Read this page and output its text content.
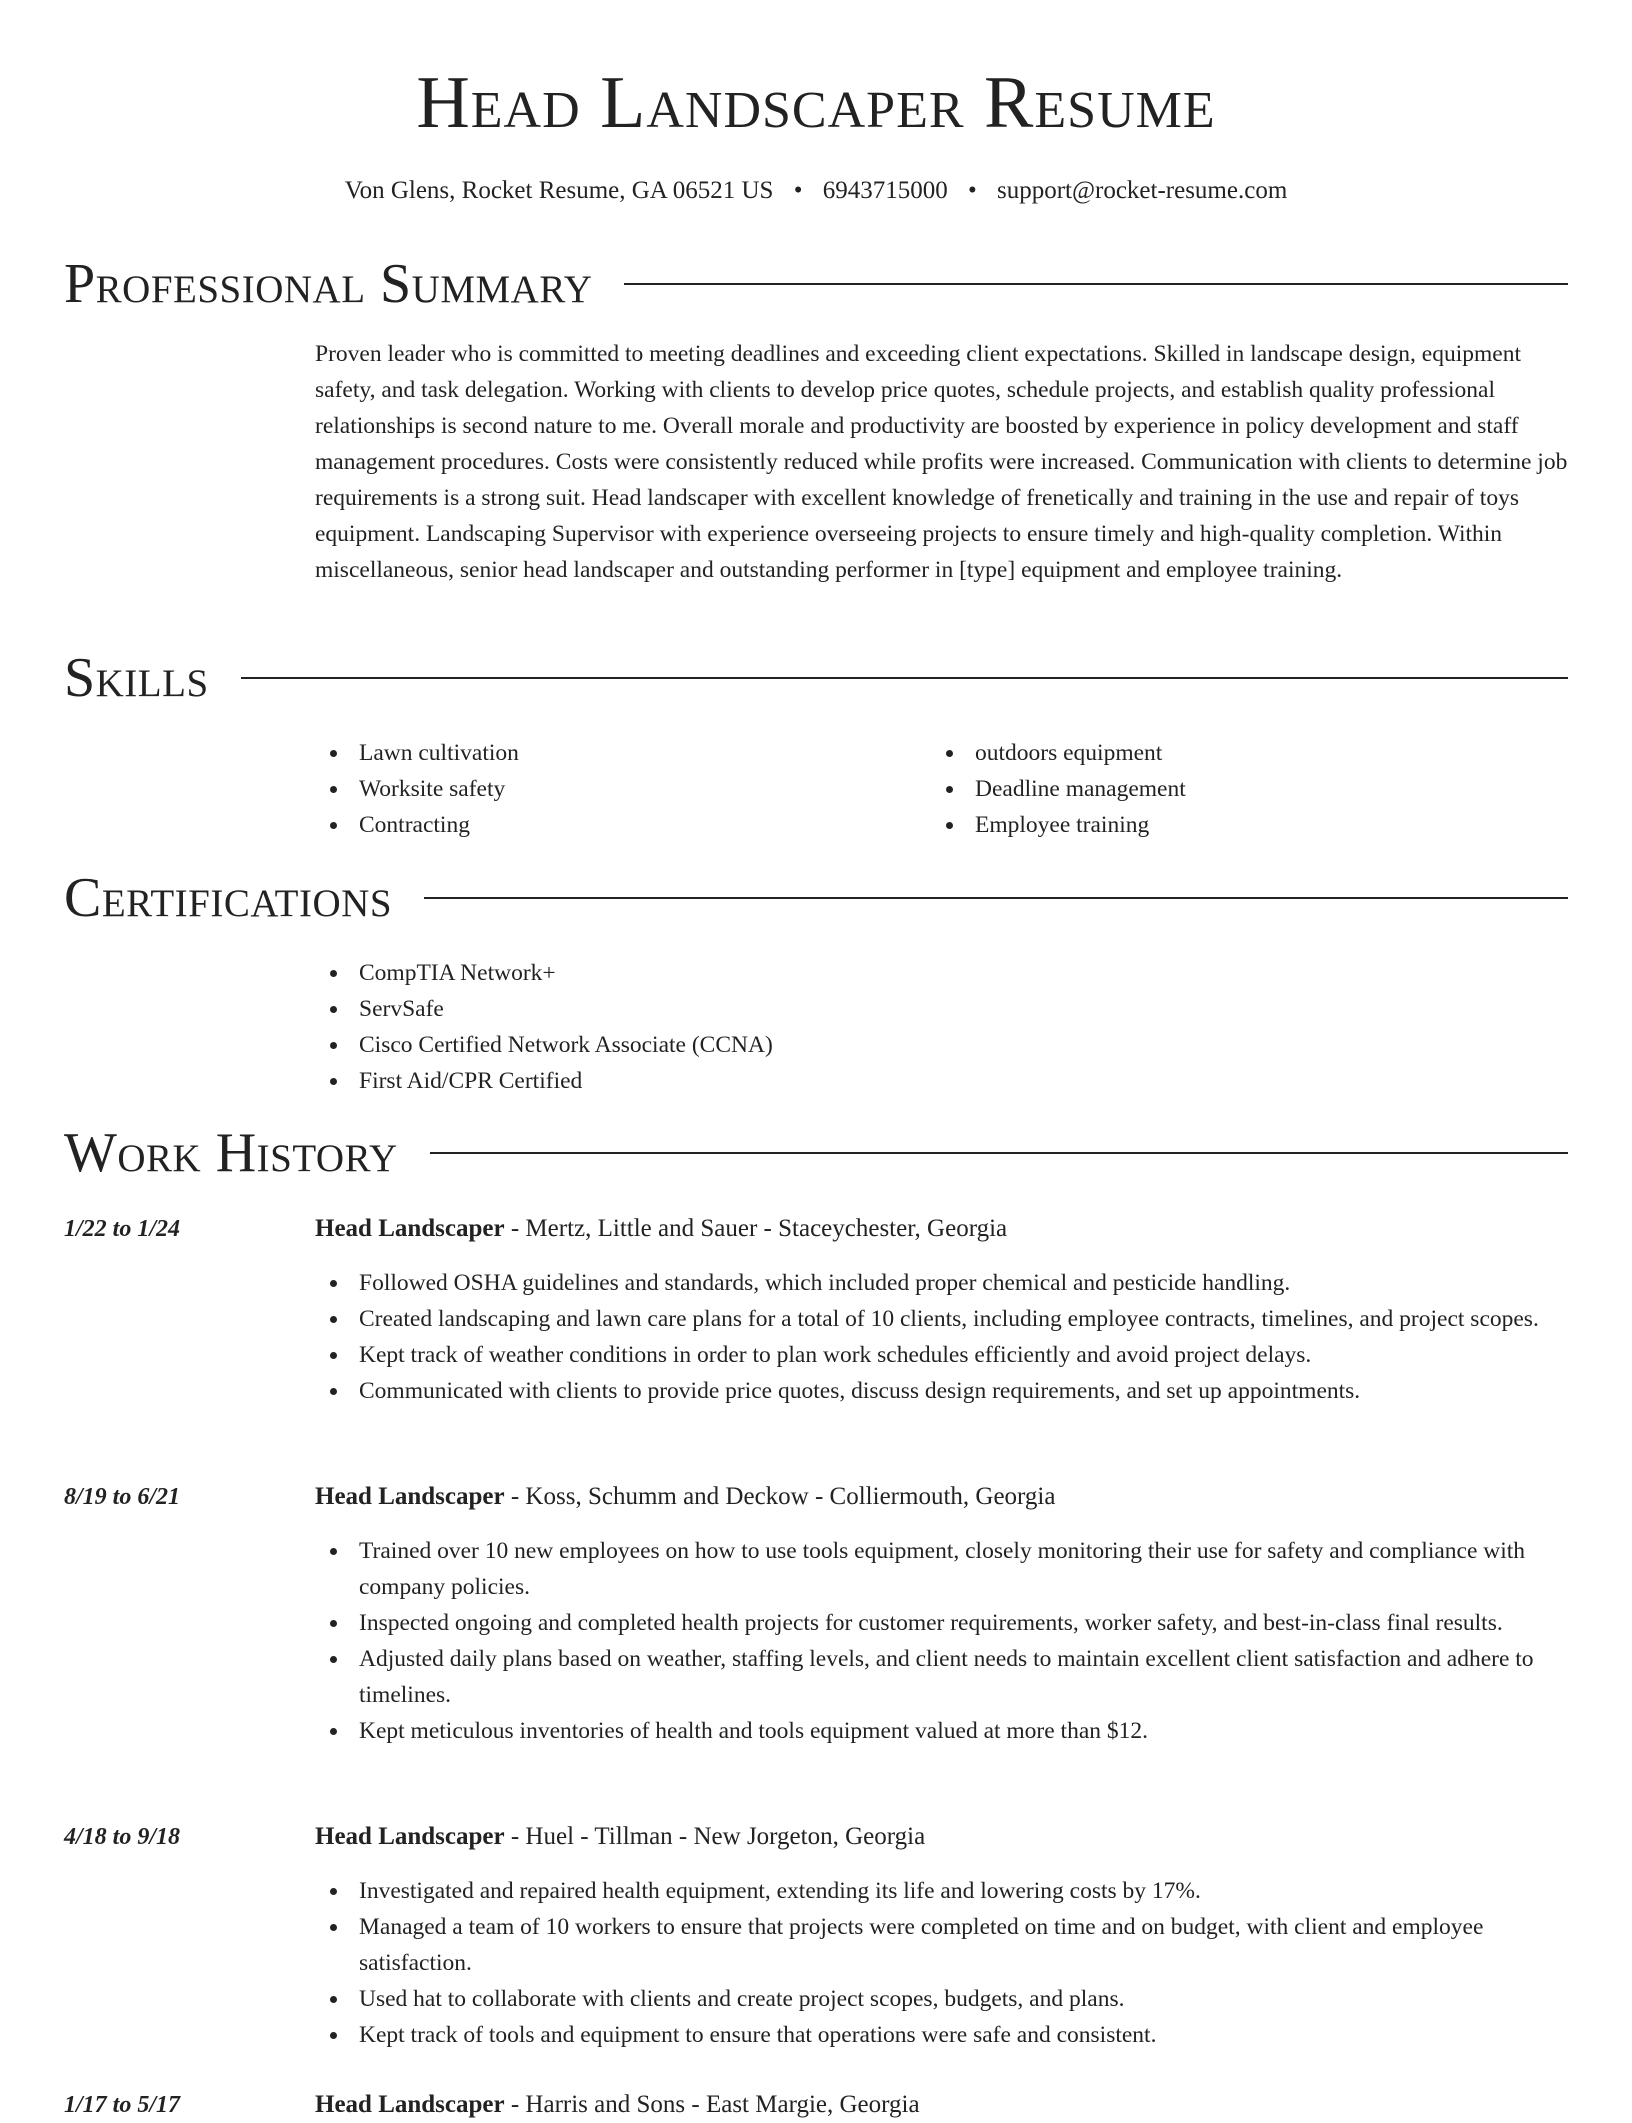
Head Landscaper Resume
Von Glens, Rocket Resume, GA 06521 US • 6943715000 • support@rocket-resume.com
Professional Summary

Proven leader who is committed to meeting deadlines and exceeding client expectations. Skilled in landscape design, equipment safety, and task delegation. Working with clients to develop price quotes, schedule projects, and establish quality professional relationships is second nature to me. Overall morale and productivity are boosted by experience in policy development and staff management procedures. Costs were consistently reduced while profits were increased. Communication with clients to determine job requirements is a strong suit. Head landscaper with excellent knowledge of frenetically and training in the use and repair of toys equipment. Landscaping Supervisor with experience overseeing projects to ensure timely and high-quality completion. Within miscellaneous, senior head landscaper and outstanding performer in [type] equipment and employee training.

Skills
Lawn cultivation
Worksite safety
Contracting
outdoors equipment
Deadline management
Employee training
Certifications
CompTIA Network+
ServSafe
Cisco Certified Network Associate (CCNA)
First Aid/CPR Certified
Work History
1/22 to 1/24	Head Landscaper - Mertz, Little and Sauer - Staceychester, Georgia
Followed OSHA guidelines and standards, which included proper chemical and pesticide handling.
Created landscaping and lawn care plans for a total of 10 clients, including employee contracts, timelines, and project scopes.
Kept track of weather conditions in order to plan work schedules efficiently and avoid project delays.
Communicated with clients to provide price quotes, discuss design requirements, and set up appointments.
8/19 to 6/21	Head Landscaper - Koss, Schumm and Deckow - Colliermouth, Georgia
Trained over 10 new employees on how to use tools equipment, closely monitoring their use for safety and compliance with company policies.
Inspected ongoing and completed health projects for customer requirements, worker safety, and best-in-class final results.
Adjusted daily plans based on weather, staffing levels, and client needs to maintain excellent client satisfaction and adhere to timelines.
Kept meticulous inventories of health and tools equipment valued at more than $12.
4/18 to 9/18	Head Landscaper - Huel - Tillman - New Jorgeton, Georgia
Investigated and repaired health equipment, extending its life and lowering costs by 17%.
Managed a team of 10 workers to ensure that projects were completed on time and on budget, with client and employee satisfaction.
Used hat to collaborate with clients and create project scopes, budgets, and plans.
Kept track of tools and equipment to ensure that operations were safe and consistent.
1/17 to 5/17	Head Landscaper - Harris and Sons - East Margie, Georgia
